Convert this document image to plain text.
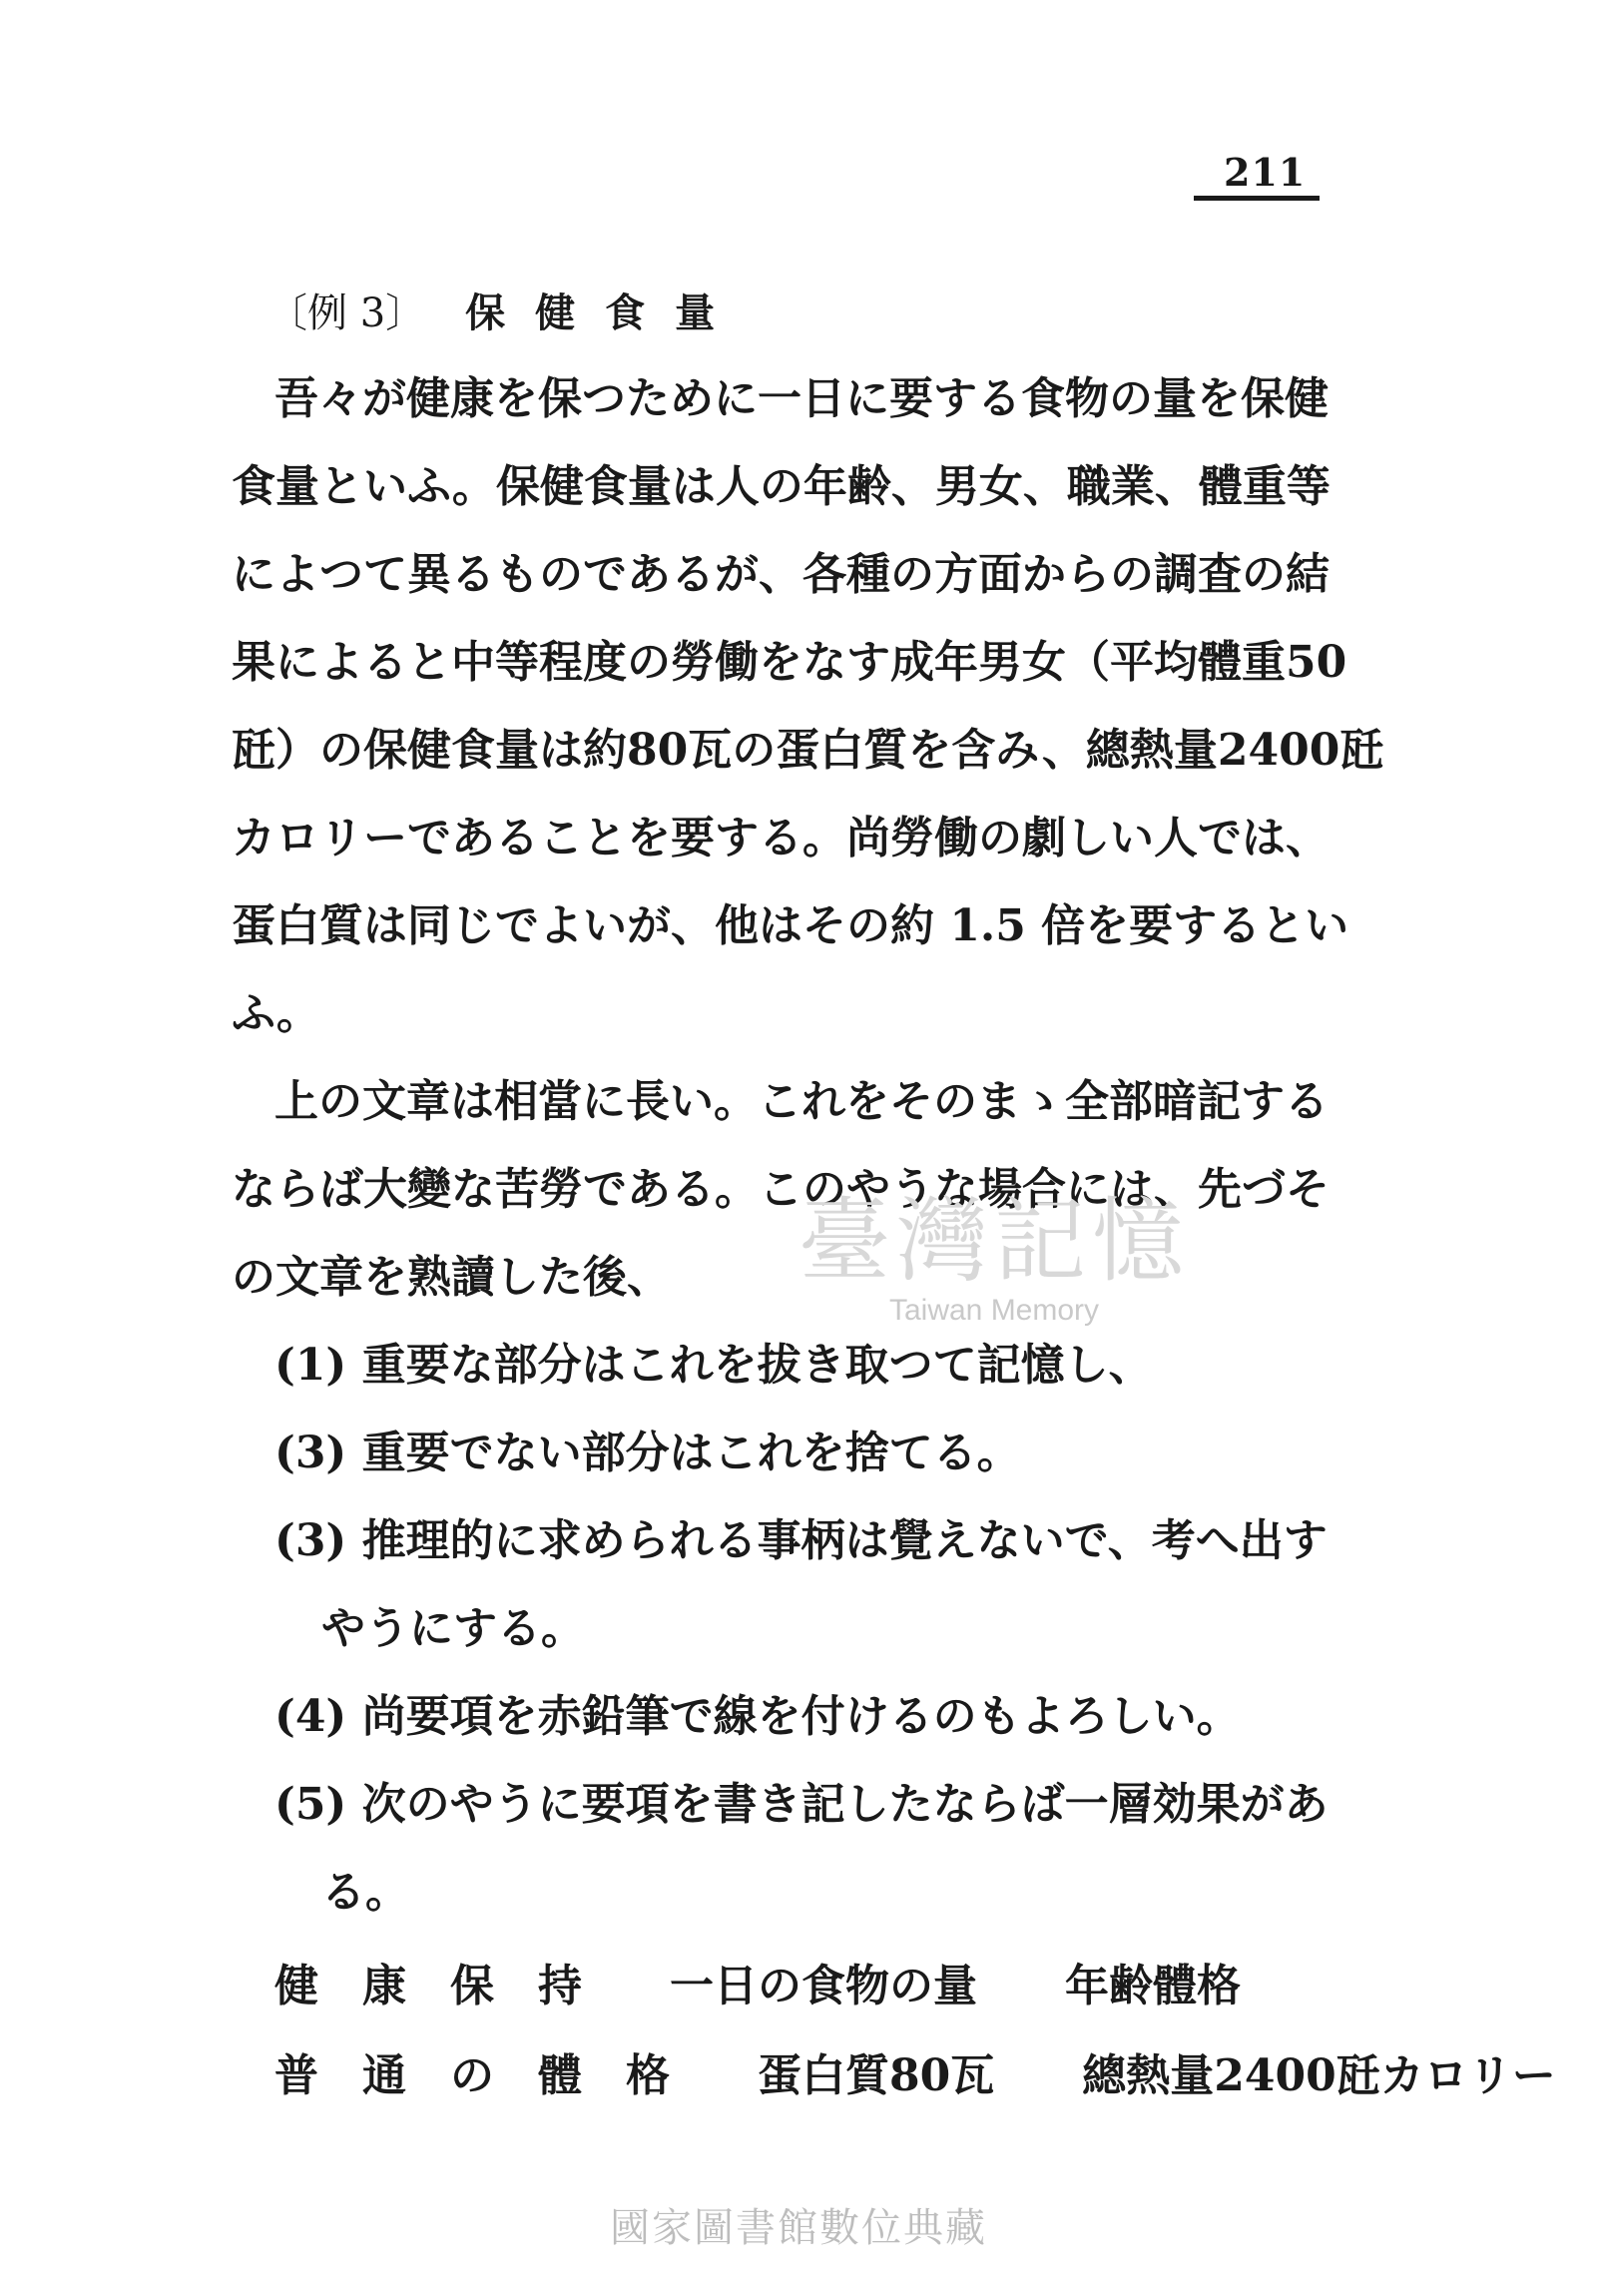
211
〔例 3〕 保健食量
吾々が健康を保つために一日に要する食物の量を保健
食量といふ。保健食量は人の年齢、男女、職業、體重等
によつて異るものであるが、各種の方面からの調査の結
果によると中等程度の勞働をなす成年男女（平均體重50
瓩）の保健食量は約80瓦の蛋白質を含み、總熱量2400瓩
カロリーであることを要する。尚勞働の劇しい人では、
蛋白質は同じでよいが、他はその約 1.5 倍を要するとい
ふ。
上の文章は相當に長い。これをそのまゝ全部暗記する
ならば大變な苦勞である。このやうな場合には、先づそ
の文章を熟讀した後、
(1) 重要な部分はこれを拔き取つて記憶し、
(3) 重要でない部分はこれを捨てる。
(3) 推理的に求められる事柄は覺えないで、考へ出す
やうにする。
(4) 尚要項を赤鉛筆で線を付けるのもよろしい。
(5) 次のやうに要項を書き記したならば一層効果があ
る。
健　康　保　持　　一日の食物の量　　年齢體格
普　通　の　體　格　　蛋白質80瓦　　總熱量2400瓩カロリー
臺灣記憶
Taiwan Memory
國家圖書館數位典藏
